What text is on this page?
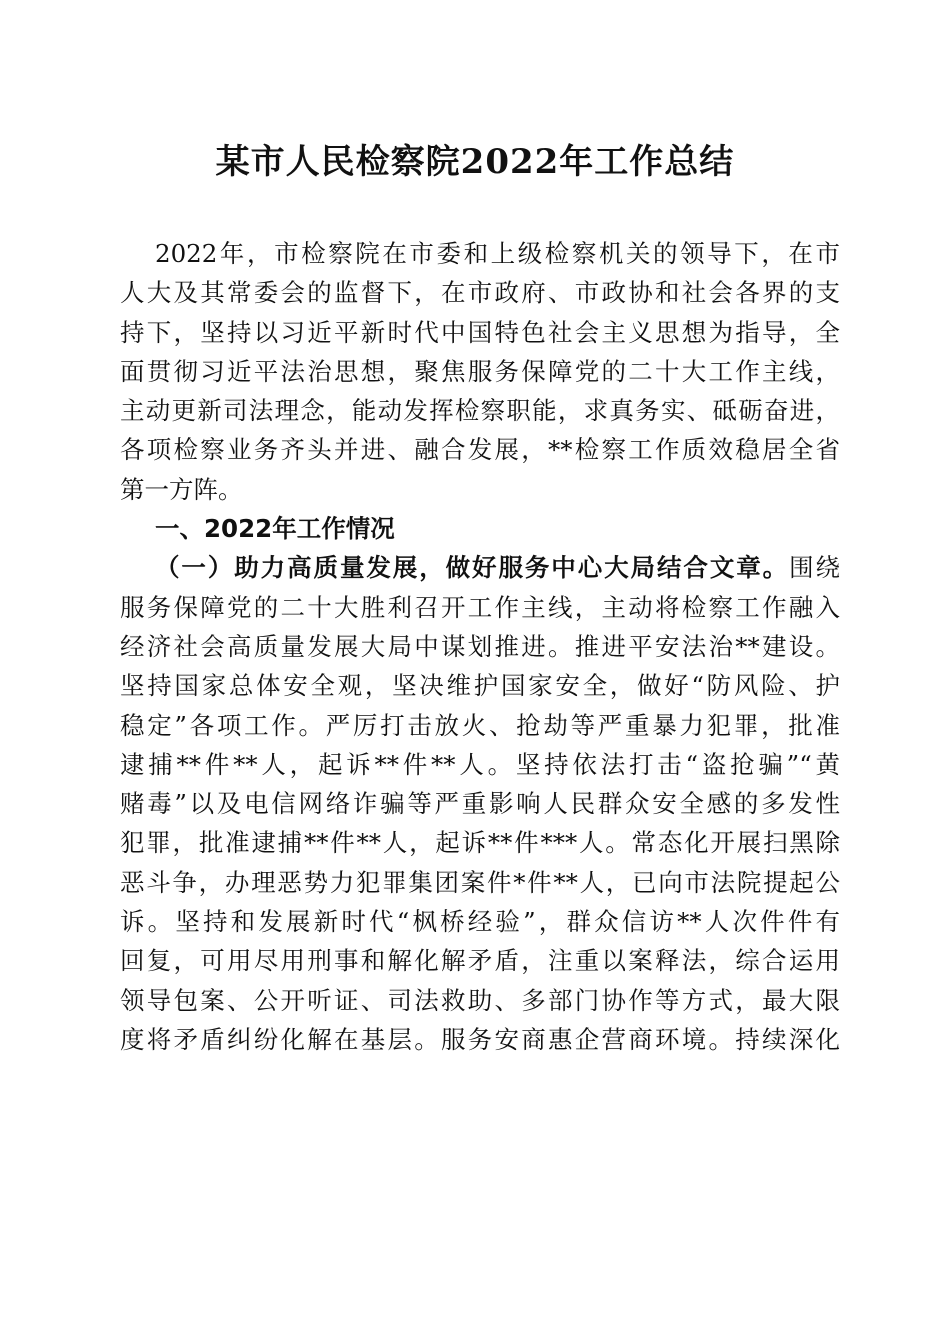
某市人民检察院2022年工作总结
2022年，市检察院在市委和上级检察机关的领导下，在市
人大及其常委会的监督下，在市政府、市政协和社会各界的支
持下，坚持以习近平新时代中国特色社会主义思想为指导，全
面贯彻习近平法治思想，聚焦服务保障党的二十大工作主线，
主动更新司法理念，能动发挥检察职能，求真务实、砥砺奋进，
各项检察业务齐头并进、融合发展，**检察工作质效稳居全省
第一方阵。
一、2022年工作情况
（一）助力高质量发展，做好服务中心大局结合文章。围绕
服务保障党的二十大胜利召开工作主线，主动将检察工作融入
经济社会高质量发展大局中谋划推进。推进平安法治**建设。
坚持国家总体安全观，坚决维护国家安全，做好“防风险、护
稳定”各项工作。严厉打击放火、抢劫等严重暴力犯罪，批准
逮捕**件**人，起诉**件**人。坚持依法打击“盗抢骗”“黄
赌毒”以及电信网络诈骗等严重影响人民群众安全感的多发性
犯罪，批准逮捕**件**人，起诉**件***人。常态化开展扫黑除
恶斗争，办理恶势力犯罪集团案件*件**人，已向市法院提起公
诉。坚持和发展新时代“枫桥经验”，群众信访**人次件件有
回复，可用尽用刑事和解化解矛盾，注重以案释法，综合运用
领导包案、公开听证、司法救助、多部门协作等方式，最大限
度将矛盾纠纷化解在基层。服务安商惠企营商环境。持续深化
